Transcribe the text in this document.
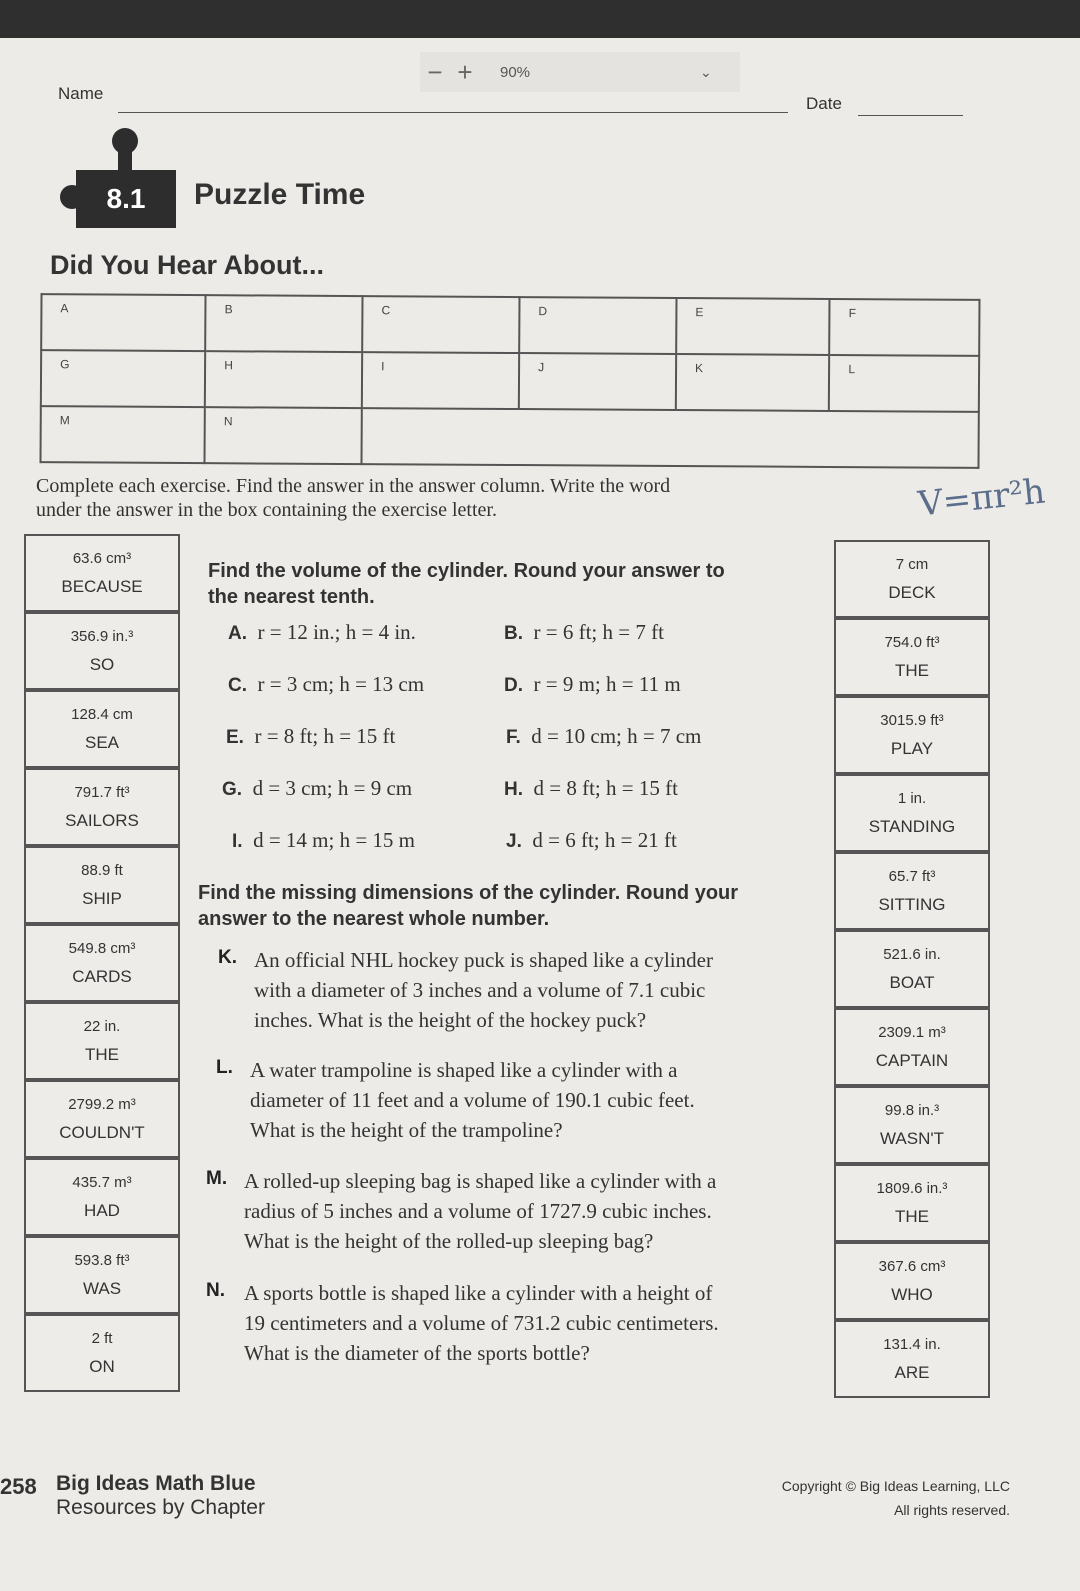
− +	90%	⌄
Name
Date
8.1 Puzzle Time
Did You Hear About...
A	B	C	D	E	F
G	H	I	J	K	L
M	N				
Complete each exercise. Find the answer in the answer column. Write the word
under the answer in the box containing the exercise letter.	V=πr²h
63.6 cm³
BECAUSE
356.9 in.³
SO
128.4 cm
SEA
791.7 ft³
SAILORS
88.9 ft
SHIP
549.8 cm³
CARDS
22 in.
THE
2799.2 m³
COULDN'T
435.7 m³
HAD
593.8 ft³
WAS
2 ft
ON
7 cm
DECK
754.0 ft³
THE
3015.9 ft³
PLAY
1 in.
STANDING
65.7 ft³
SITTING
521.6 in.
BOAT
2309.1 m³
CAPTAIN
99.8 in.³
WASN'T
1809.6 in.³
THE
367.6 cm³
WHO
131.4 in.
ARE
Find the volume of the cylinder. Round your answer to
the nearest tenth.
A. r = 12 in.; h = 4 in.	B. r = 6 ft; h = 7 ft
C. r = 3 cm; h = 13 cm	D. r = 9 m; h = 11 m
E. r = 8 ft; h = 15 ft	F. d = 10 cm; h = 7 cm
G. d = 3 cm; h = 9 cm	H. d = 8 ft; h = 15 ft
I. d = 14 m; h = 15 m	J. d = 6 ft; h = 21 ft
Find the missing dimensions of the cylinder. Round your
answer to the nearest whole number.
K. An official NHL hockey puck is shaped like a cylinder
with a diameter of 3 inches and a volume of 7.1 cubic
inches. What is the height of the hockey puck?
L. A water trampoline is shaped like a cylinder with a
diameter of 11 feet and a volume of 190.1 cubic feet.
What is the height of the trampoline?
M. A rolled-up sleeping bag is shaped like a cylinder with a
radius of 5 inches and a volume of 1727.9 cubic inches.
What is the height of the rolled-up sleeping bag?
N. A sports bottle is shaped like a cylinder with a height of
19 centimeters and a volume of 731.2 cubic centimeters.
What is the diameter of the sports bottle?
258 Big Ideas Math Blue
Resources by Chapter
Copyright © Big Ideas Learning, LLC
All rights reserved.
